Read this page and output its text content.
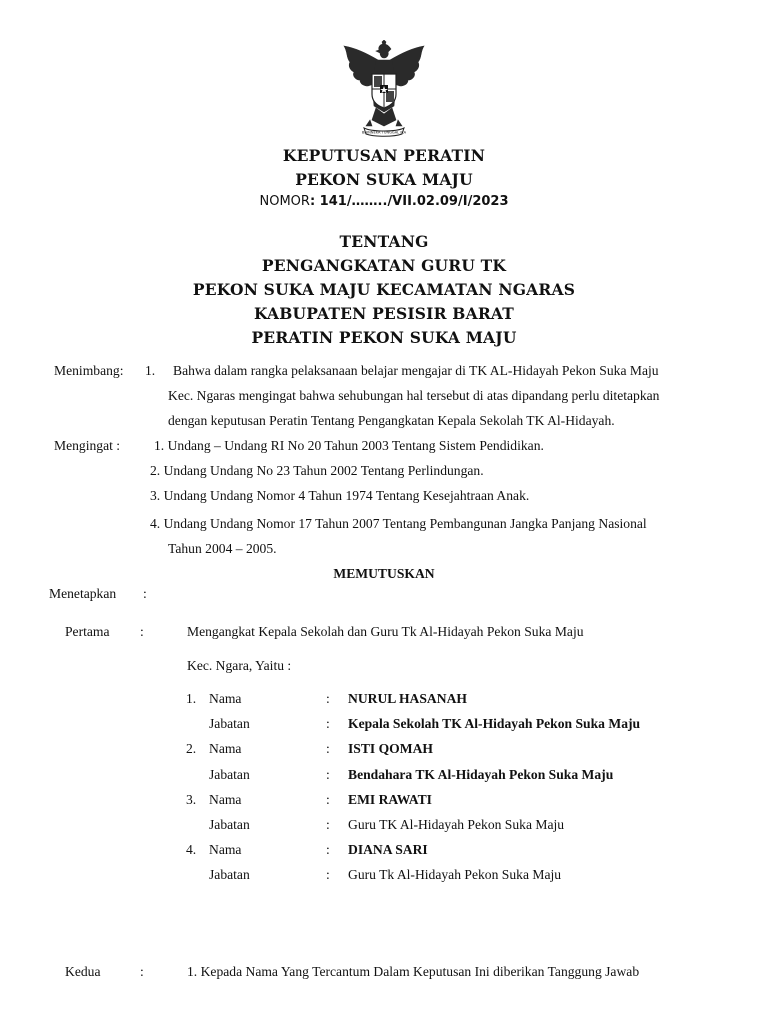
BHINNEKA TUNGGAL IKA
KEPUTUSAN PERATIN
PEKON SUKA MAJU
NOMOR: 141/……../VII.02.09/I/2023
TENTANG
PENGANGKATAN GURU TK
PEKON SUKA MAJU KECAMATAN NGARAS
KABUPATEN PESISIR BARAT
PERATIN PEKON SUKA MAJU
Menimbang: 1. Bahwa dalam rangka pelaksanaan belajar mengajar di TK AL-Hidayah Pekon Suka Maju
Kec. Ngaras mengingat bahwa sehubungan hal tersebut di atas dipandang perlu ditetapkan
dengan keputusan Peratin Tentang Pengangkatan Kepala Sekolah TK Al-Hidayah.
Mengingat : 1. Undang – Undang RI No 20 Tahun 2003 Tentang Sistem Pendidikan.
2. Undang Undang No 23 Tahun 2002 Tentang Perlindungan.
3. Undang Undang Nomor 4 Tahun 1974 Tentang Kesejahtraan Anak.
4. Undang Undang Nomor 17 Tahun 2007 Tentang Pembangunan Jangka Panjang Nasional
Tahun 2004 – 2005.
MEMUTUSKAN
Menetapkan :
Pertama :	Mengangkat Kepala Sekolah dan Guru Tk Al-Hidayah Pekon Suka Maju
Kec. Ngara, Yaitu :
1. Nama	: NURUL HASANAH
Jabatan	: Kepala Sekolah TK Al-Hidayah Pekon Suka Maju
2. Nama	: ISTI QOMAH
Jabatan	: Bendahara TK Al-Hidayah Pekon Suka Maju
3. Nama	: EMI RAWATI
Jabatan	: Guru TK Al-Hidayah Pekon Suka Maju
4. Nama	: DIANA SARI
Jabatan	: Guru Tk Al-Hidayah Pekon Suka Maju
Kedua	:	1. Kepada Nama Yang Tercantum Dalam Keputusan Ini diberikan Tanggung Jawab
